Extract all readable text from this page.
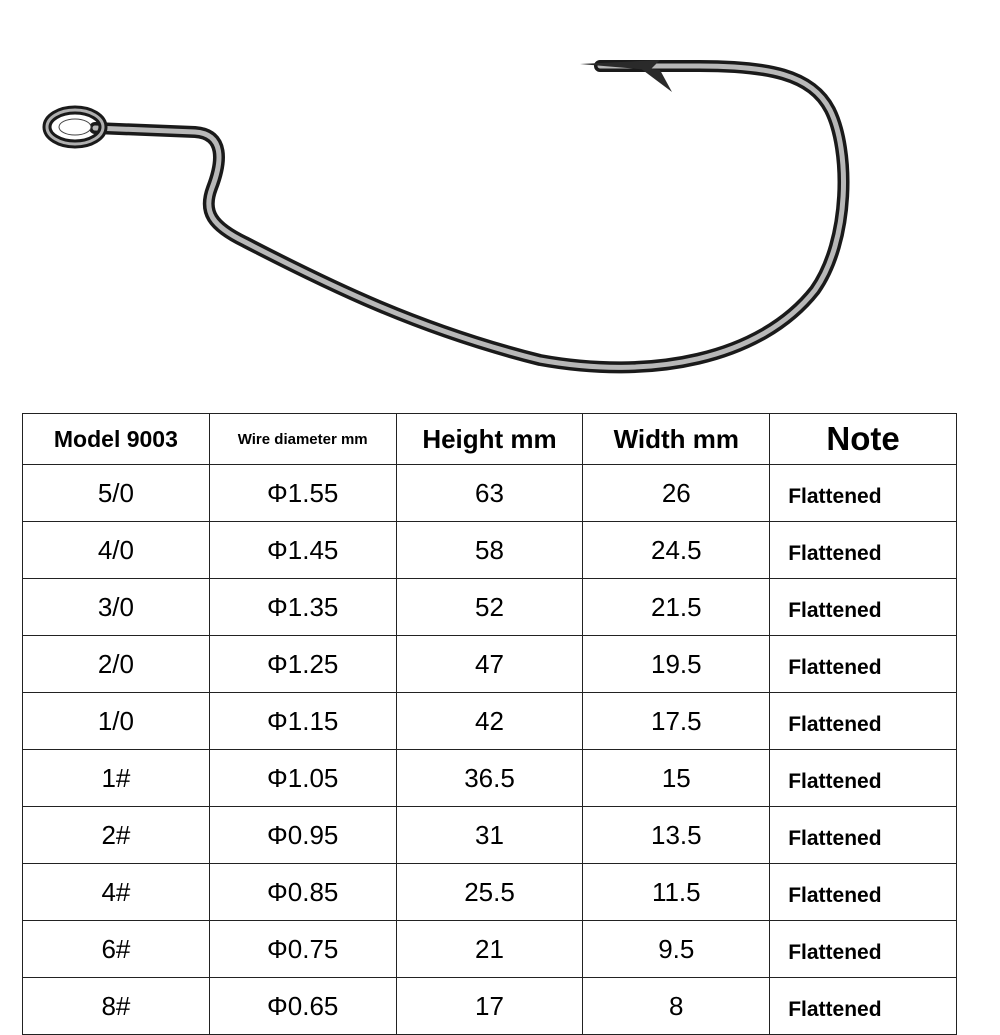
Model 9003	Wire diameter mm	Height mm	Width mm	Note
5/0	Φ1.55	63	26	Flattened
4/0	Φ1.45	58	24.5	Flattened
3/0	Φ1.35	52	21.5	Flattened
2/0	Φ1.25	47	19.5	Flattened
1/0	Φ1.15	42	17.5	Flattened
1#	Φ1.05	36.5	15	Flattened
2#	Φ0.95	31	13.5	Flattened
4#	Φ0.85	25.5	11.5	Flattened
6#	Φ0.75	21	9.5	Flattened
8#	Φ0.65	17	8	Flattened
